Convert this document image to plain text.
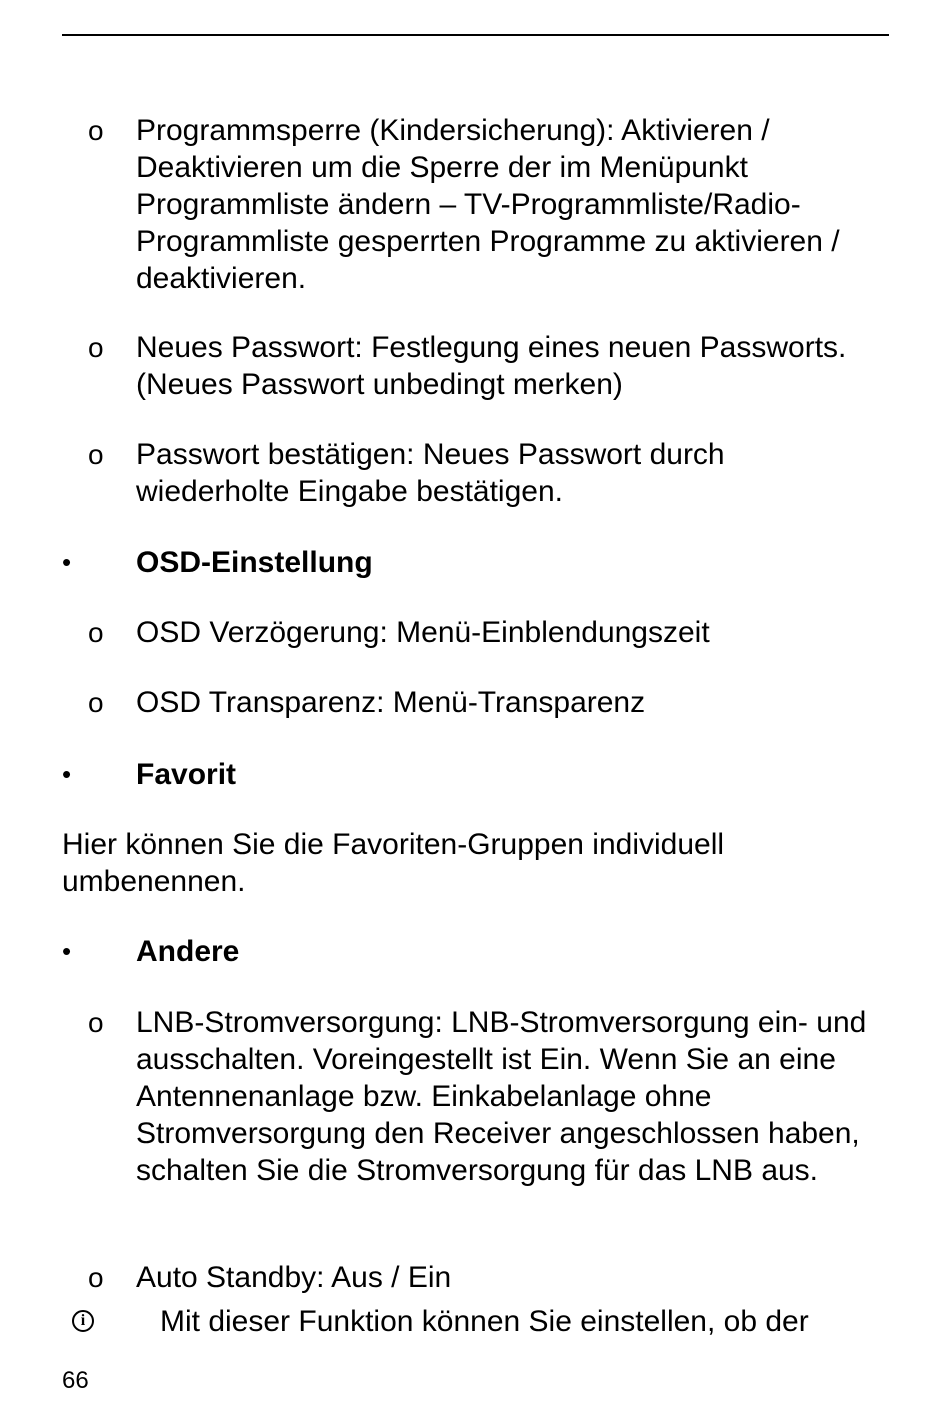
o Programmsperre (Kindersicherung): Aktivieren / Deaktivieren um die Sperre der im Menüpunkt Programmliste ändern – TV-Programmliste/Radio-Programmliste gesperrten Programme zu aktivieren / deaktivieren.
o Neues Passwort: Festlegung eines neuen Passworts. (Neues Passwort unbedingt merken)
o Passwort bestätigen: Neues Passwort durch wiederholte Eingabe bestätigen.
• OSD-Einstellung
o OSD Verzögerung: Menü-Einblendungszeit
o OSD Transparenz: Menü-Transparenz
• Favorit
Hier können Sie die Favoriten-Gruppen individuell umbenennen.
• Andere
o LNB-Stromversorgung: LNB-Stromversorgung ein- und ausschalten. Voreingestellt ist Ein. Wenn Sie an eine Antennenanlage bzw. Einkabelanlage ohne Stromversorgung den Receiver angeschlossen haben, schalten Sie die Stromversorgung für das LNB aus.
o Auto Standby: Aus / Ein
i Mit dieser Funktion können Sie einstellen, ob der
66
